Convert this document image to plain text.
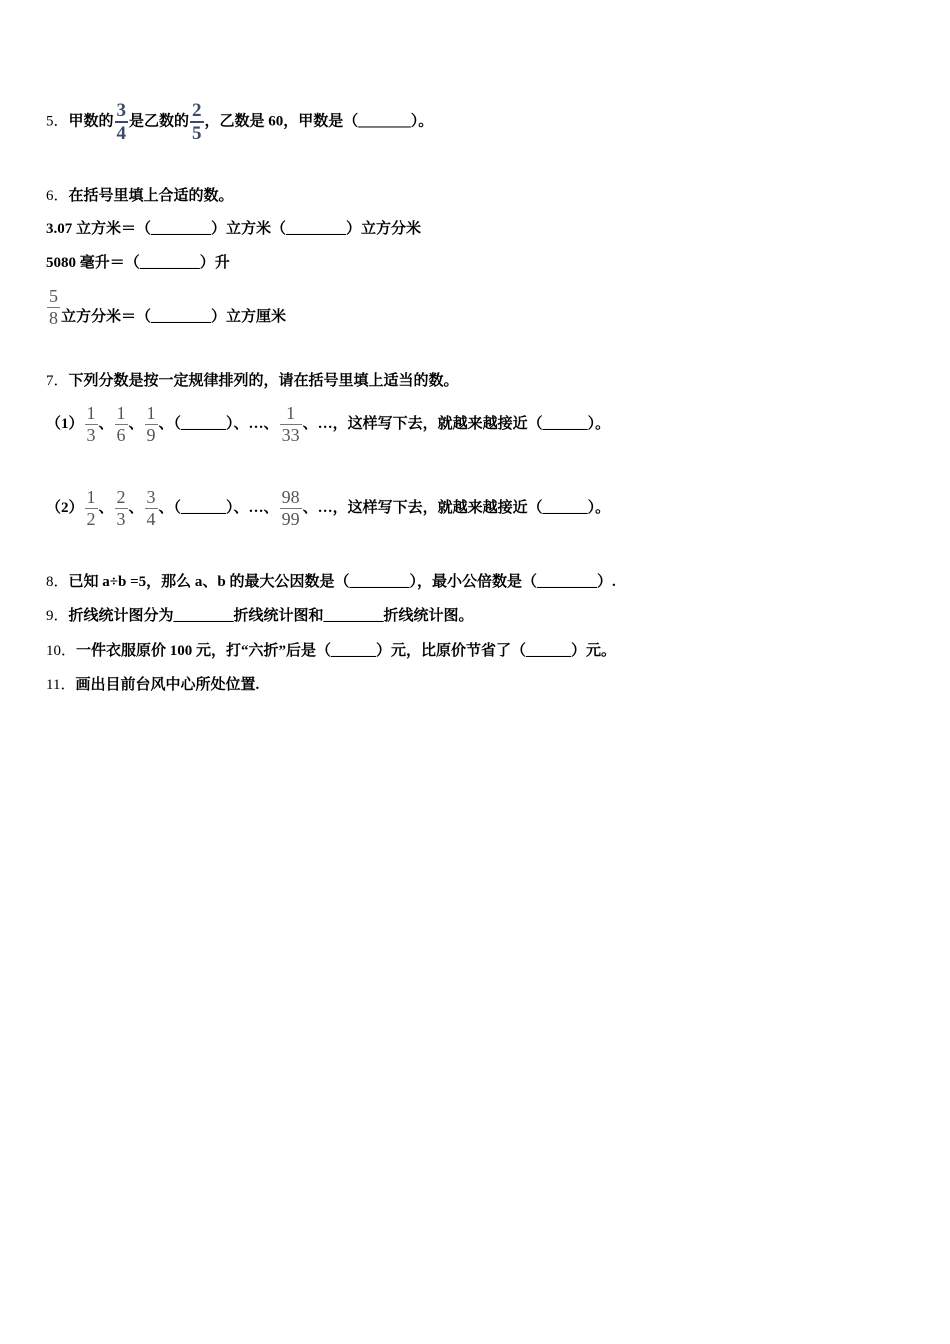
5．甲数的 $\frac{3}{4}$ 是乙数的 $\frac{2}{5}$ ，乙数是 60，甲数是（_______）。
6．在括号里填上合适的数。
3.07 立方米＝（________）立方米（________）立方分米
5080 毫升＝（________）升
$\frac{5}{8}$ 立方分米＝（________）立方厘米
7．下列分数是按一定规律排列的，请在括号里填上适当的数。
$(1) \frac{1}{3}$ 、 $\frac{1}{6}$ 、 $\frac{1}{9}$ 、（______）、…、 $\frac{1}{33}$ 、…，这样写下去，就越来越接近（______）。
$(2) \frac{1}{2}$ 、 $\frac{2}{3}$ 、 $\frac{3}{4}$ 、（______）、…、 $\frac{98}{99}$ 、…，这样写下去，就越来越接近（______）。
8．已知 a÷b =5，那么 a、b 的最大公因数是（________），最小公倍数是（________）.
9．折线统计图分为________折线统计图和________折线统计图。
10．一件衣服原价 100 元，打“六折”后是（______）元，比原价节省了（______）元。
11．画出目前台风中心所处位置.
